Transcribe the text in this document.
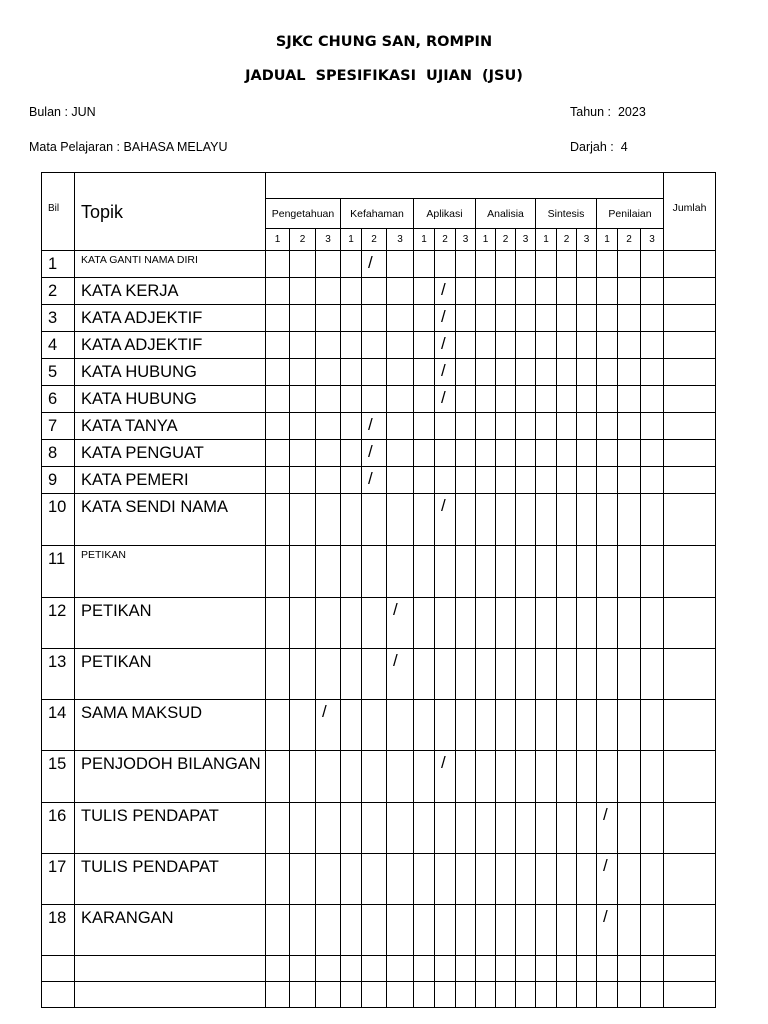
SJKC CHUNG SAN, ROMPIN
JADUAL SPESIFIKASI UJIAN (JSU)
Bulan : JUN	Tahun : 2023
Mata Pelajaran : BAHASA MELAYU	Darjah : 4
Bil	Topik																			Jumlah
		Pengetahuan			Kefahaman			Aplikasi			Analisia			Sintesis			Penilaian			
		1	2	3	1	2	3	1	2	3	1	2	3	1	2	3	1	2	3	
1	KATA GANTI NAMA DIRI					/														
2	KATA KERJA								/											
3	KATA ADJEKTIF								/											
4	KATA ADJEKTIF								/											
5	KATA HUBUNG								/											
6	KATA HUBUNG								/											
7	KATA TANYA					/														
8	KATA PENGUAT					/														
9	KATA PEMERI					/														
10	KATA SENDI NAMA								/											
11	PETIKAN																			
12	PETIKAN						/													
13	PETIKAN						/													
14	SAMA MAKSUD			/																
15	PENJODOH BILANGAN								/											
16	TULIS PENDAPAT																/			
17	TULIS PENDAPAT																/			
18	KARANGAN																/			
